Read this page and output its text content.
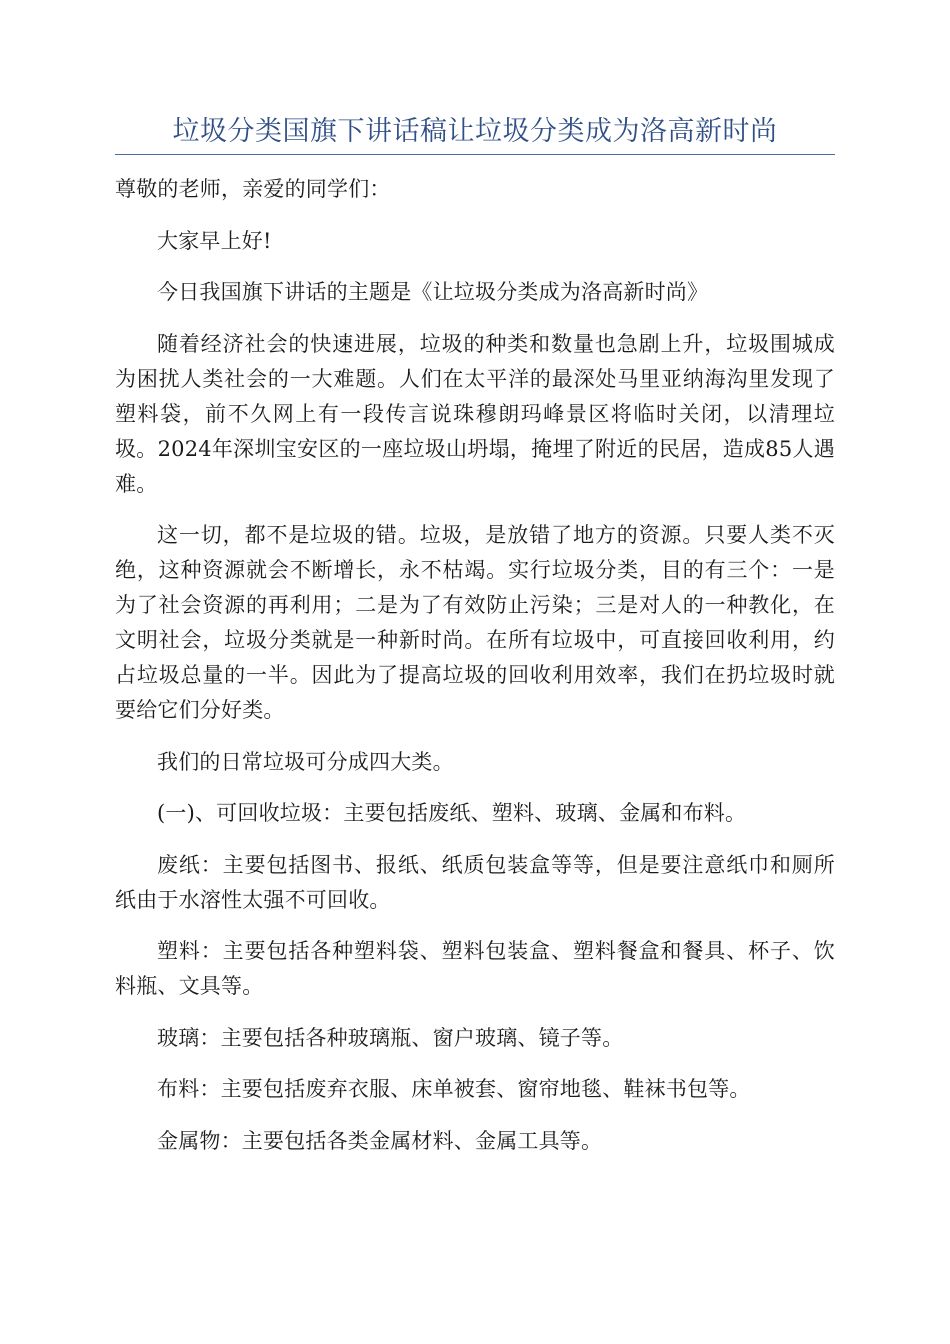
垃圾分类国旗下讲话稿让垃圾分类成为洛高新时尚

尊敬的老师，亲爱的同学们：

大家早上好!

今日我国旗下讲话的主题是《让垃圾分类成为洛高新时尚》

随着经济社会的快速进展，垃圾的种类和数量也急剧上升，垃圾围城成为困扰人类社会的一大难题。人们在太平洋的最深处马里亚纳海沟里发现了塑料袋，前不久网上有一段传言说珠穆朗玛峰景区将临时关闭，以清理垃圾。2024年深圳宝安区的一座垃圾山坍塌，掩埋了附近的民居，造成85人遇难。

这一切，都不是垃圾的错。垃圾，是放错了地方的资源。只要人类不灭绝，这种资源就会不断增长，永不枯竭。实行垃圾分类，目的有三个：一是为了社会资源的再利用；二是为了有效防止污染；三是对人的一种教化，在文明社会，垃圾分类就是一种新时尚。在所有垃圾中，可直接回收利用，约占垃圾总量的一半。因此为了提高垃圾的回收利用效率，我们在扔垃圾时就要给它们分好类。

我们的日常垃圾可分成四大类。

(一)、可回收垃圾：主要包括废纸、塑料、玻璃、金属和布料。

废纸：主要包括图书、报纸、纸质包装盒等等，但是要注意纸巾和厕所纸由于水溶性太强不可回收。

塑料：主要包括各种塑料袋、塑料包装盒、塑料餐盒和餐具、杯子、饮料瓶、文具等。

玻璃：主要包括各种玻璃瓶、窗户玻璃、镜子等。

布料：主要包括废弃衣服、床单被套、窗帘地毯、鞋袜书包等。

金属物：主要包括各类金属材料、金属工具等。
